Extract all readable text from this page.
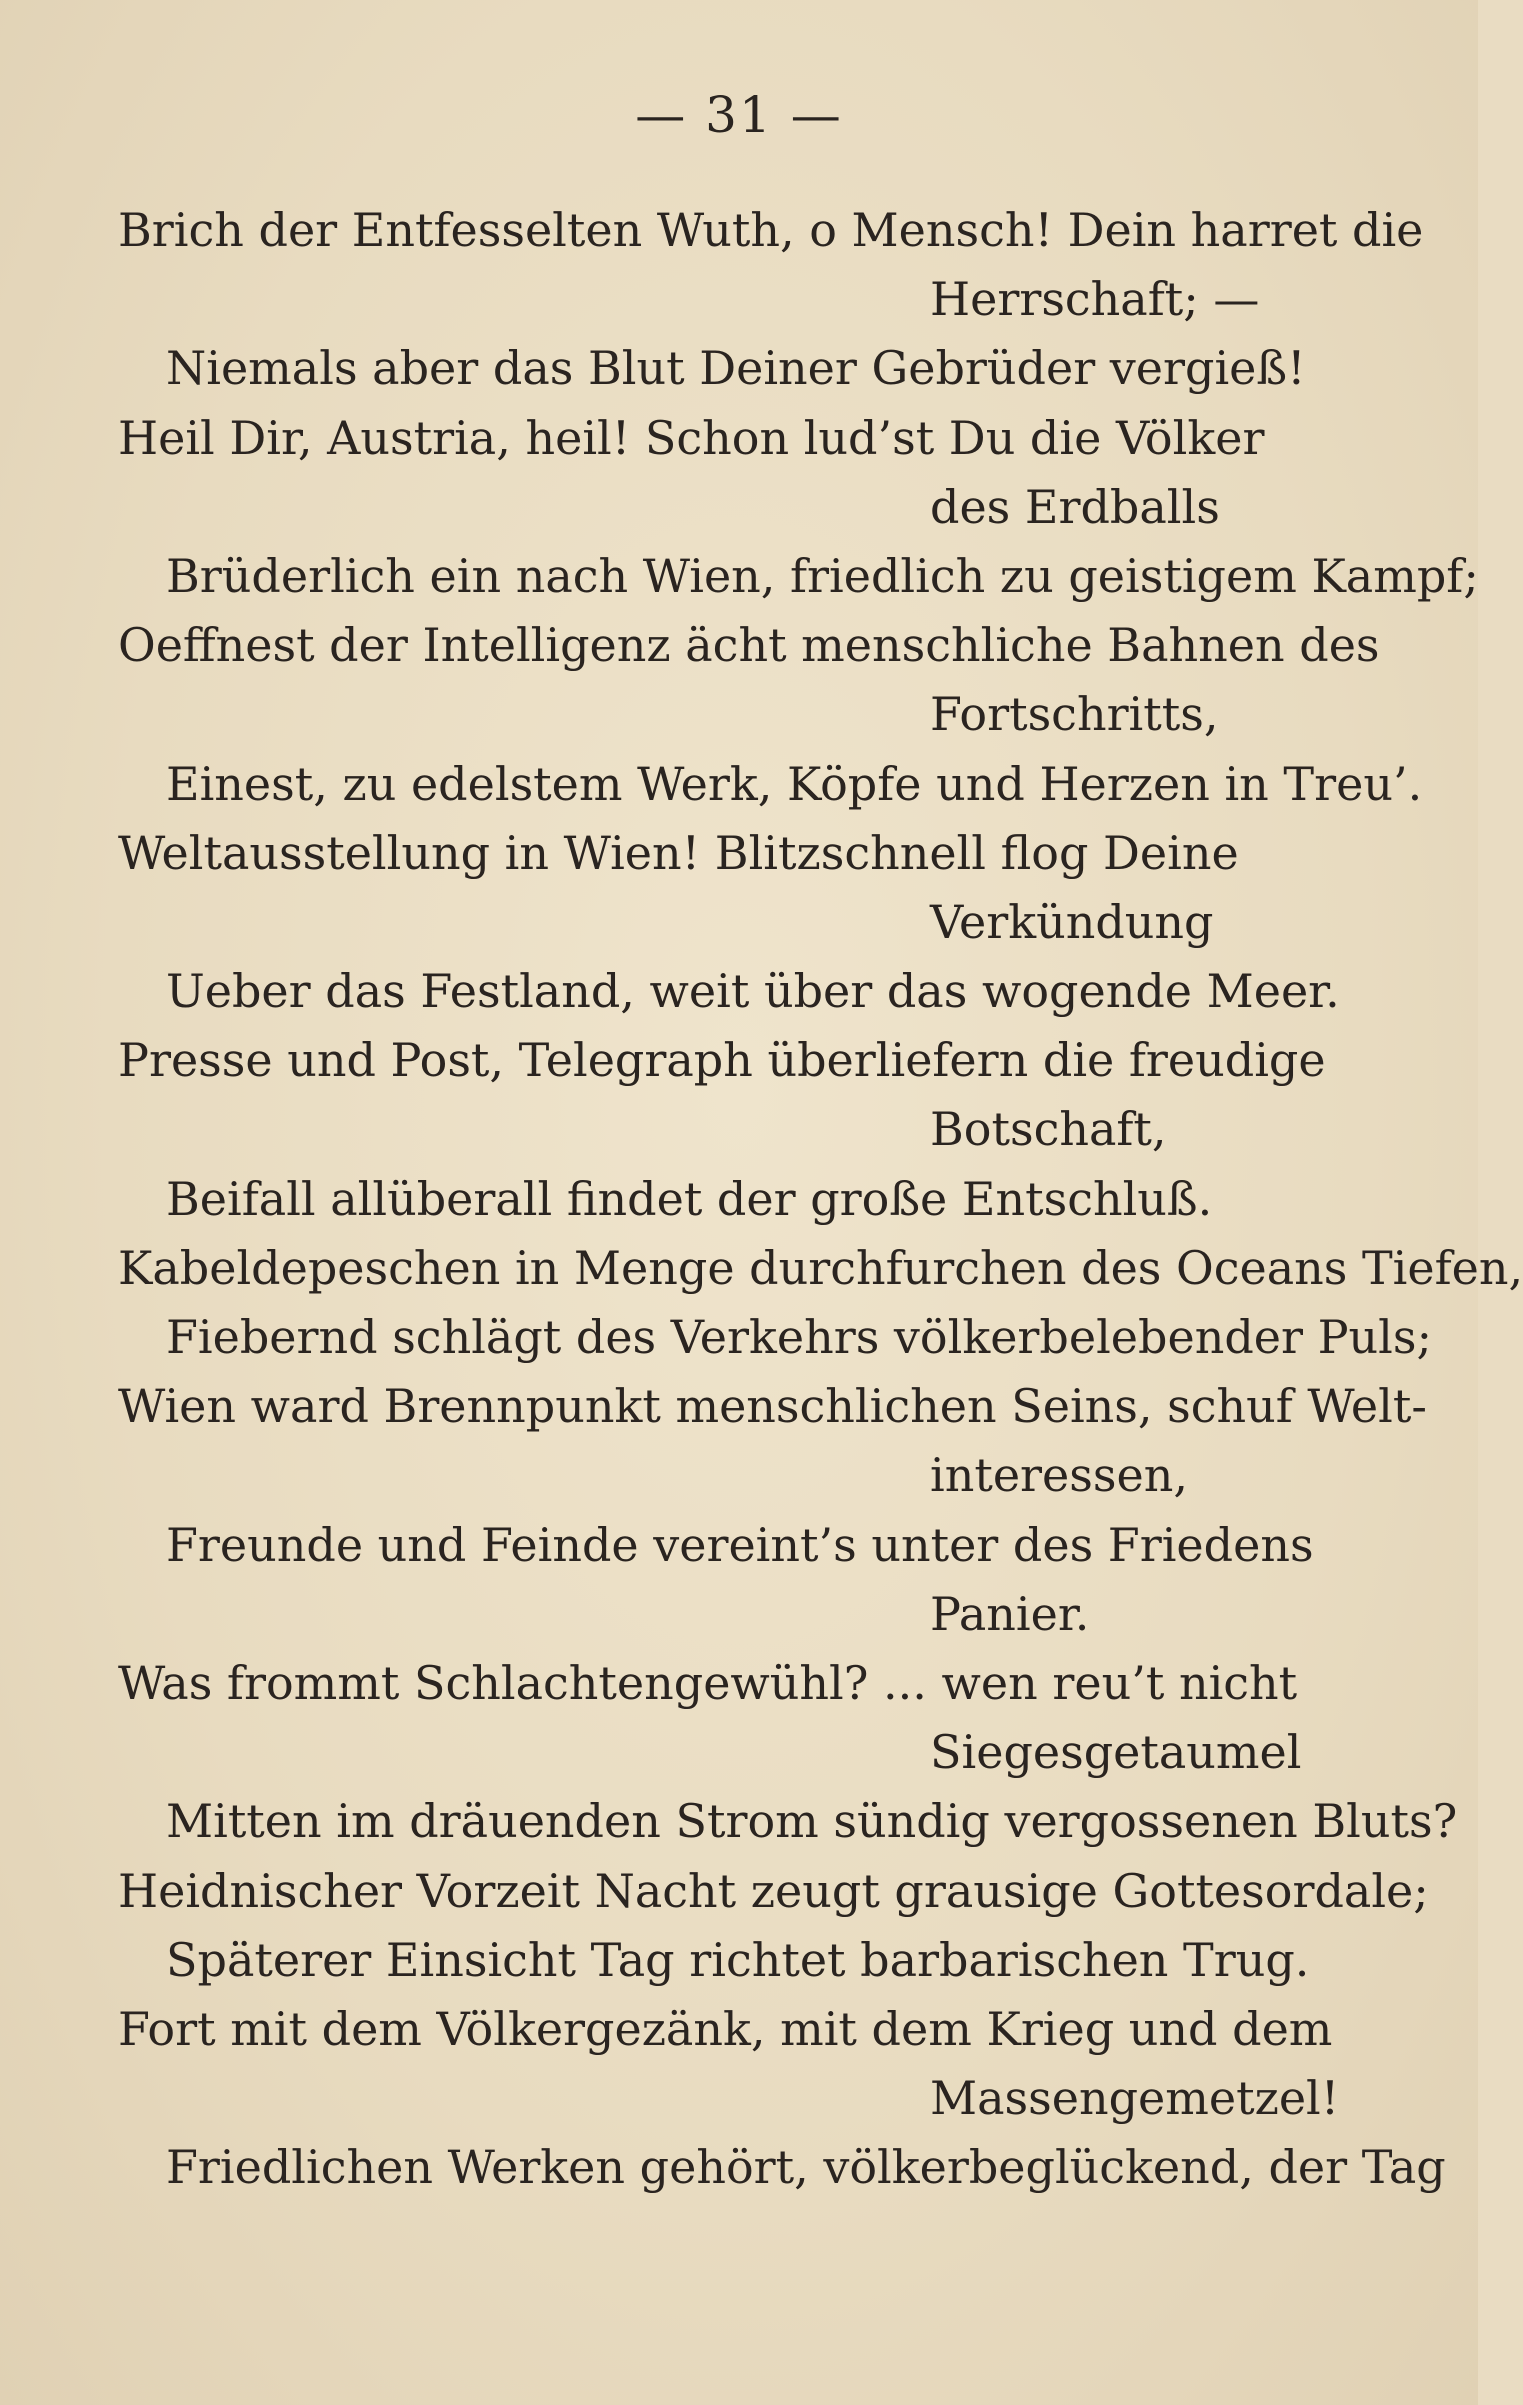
— 31 —
Brich der Entfesselten Wuth, o Mensch! Dein harret die
Herrschaft; —
Niemals aber das Blut Deiner Gebrüder vergieß!
Heil Dir, Austria, heil! Schon lud’st Du die Völker
des Erdballs
Brüderlich ein nach Wien, friedlich zu geistigem Kampf;
Oeffnest der Intelligenz ächt menschliche Bahnen des
Fortschritts,
Einest, zu edelstem Werk, Köpfe und Herzen in Treu’.
Weltausstellung in Wien! Blitzschnell flog Deine
Verkündung
Ueber das Festland, weit über das wogende Meer.
Presse und Post, Telegraph überliefern die freudige
Botschaft,
Beifall allüberall findet der große Entschluß.
Kabeldepeschen in Menge durchfurchen des Oceans Tiefen,
Fiebernd schlägt des Verkehrs völkerbelebender Puls;
Wien ward Brennpunkt menschlichen Seins, schuf Welt-
interessen,
Freunde und Feinde vereint’s unter des Friedens
Panier.
Was frommt Schlachtengewühl? ... wen reu’t nicht
Siegesgetaumel
Mitten im dräuenden Strom sündig vergossenen Bluts?
Heidnischer Vorzeit Nacht zeugt grausige Gottesordale;
Späterer Einsicht Tag richtet barbarischen Trug.
Fort mit dem Völkergezänk, mit dem Krieg und dem
Massengemetzel!
Friedlichen Werken gehört, völkerbeglückend, der Tag
